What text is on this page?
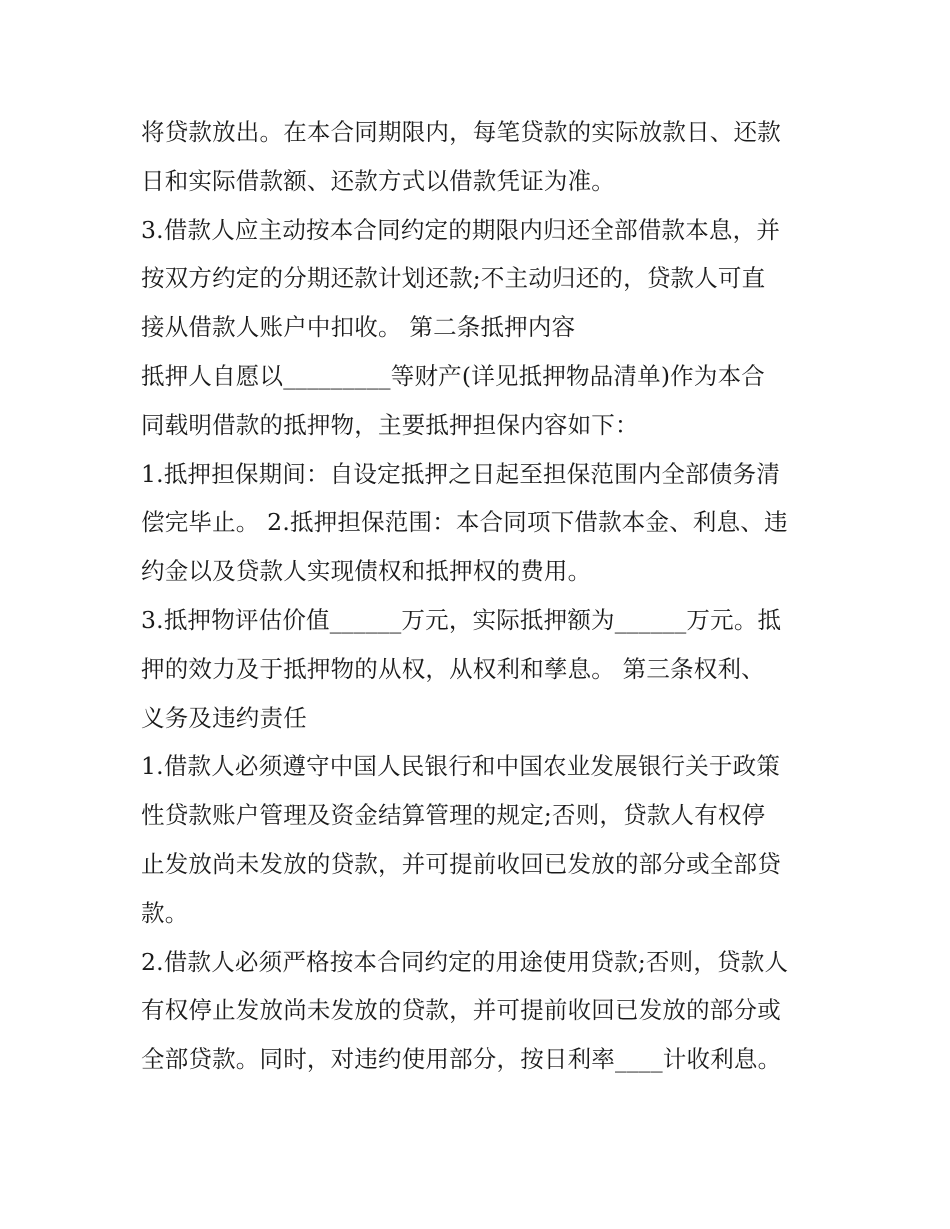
将贷款放出。在本合同期限内，每笔贷款的实际放款日、还款
日和实际借款额、还款方式以借款凭证为准。
3.借款人应主动按本合同约定的期限内归还全部借款本息，并
按双方约定的分期还款计划还款;不主动归还的，贷款人可直
接从借款人账户中扣收。 第二条抵押内容
抵押人自愿以_________等财产(详见抵押物品清单)作为本合
同载明借款的抵押物，主要抵押担保内容如下：
1.抵押担保期间：自设定抵押之日起至担保范围内全部债务清
偿完毕止。 2.抵押担保范围：本合同项下借款本金、利息、违
约金以及贷款人实现债权和抵押权的费用。
3.抵押物评估价值______万元，实际抵押额为______万元。抵
押的效力及于抵押物的从权，从权利和孳息。 第三条权利、
义务及违约责任
1.借款人必须遵守中国人民银行和中国农业发展银行关于政策
性贷款账户管理及资金结算管理的规定;否则，贷款人有权停
止发放尚未发放的贷款，并可提前收回已发放的部分或全部贷
款。
2.借款人必须严格按本合同约定的用途使用贷款;否则，贷款人
有权停止发放尚未发放的贷款，并可提前收回已发放的部分或
全部贷款。同时，对违约使用部分，按日利率____计收利息。
